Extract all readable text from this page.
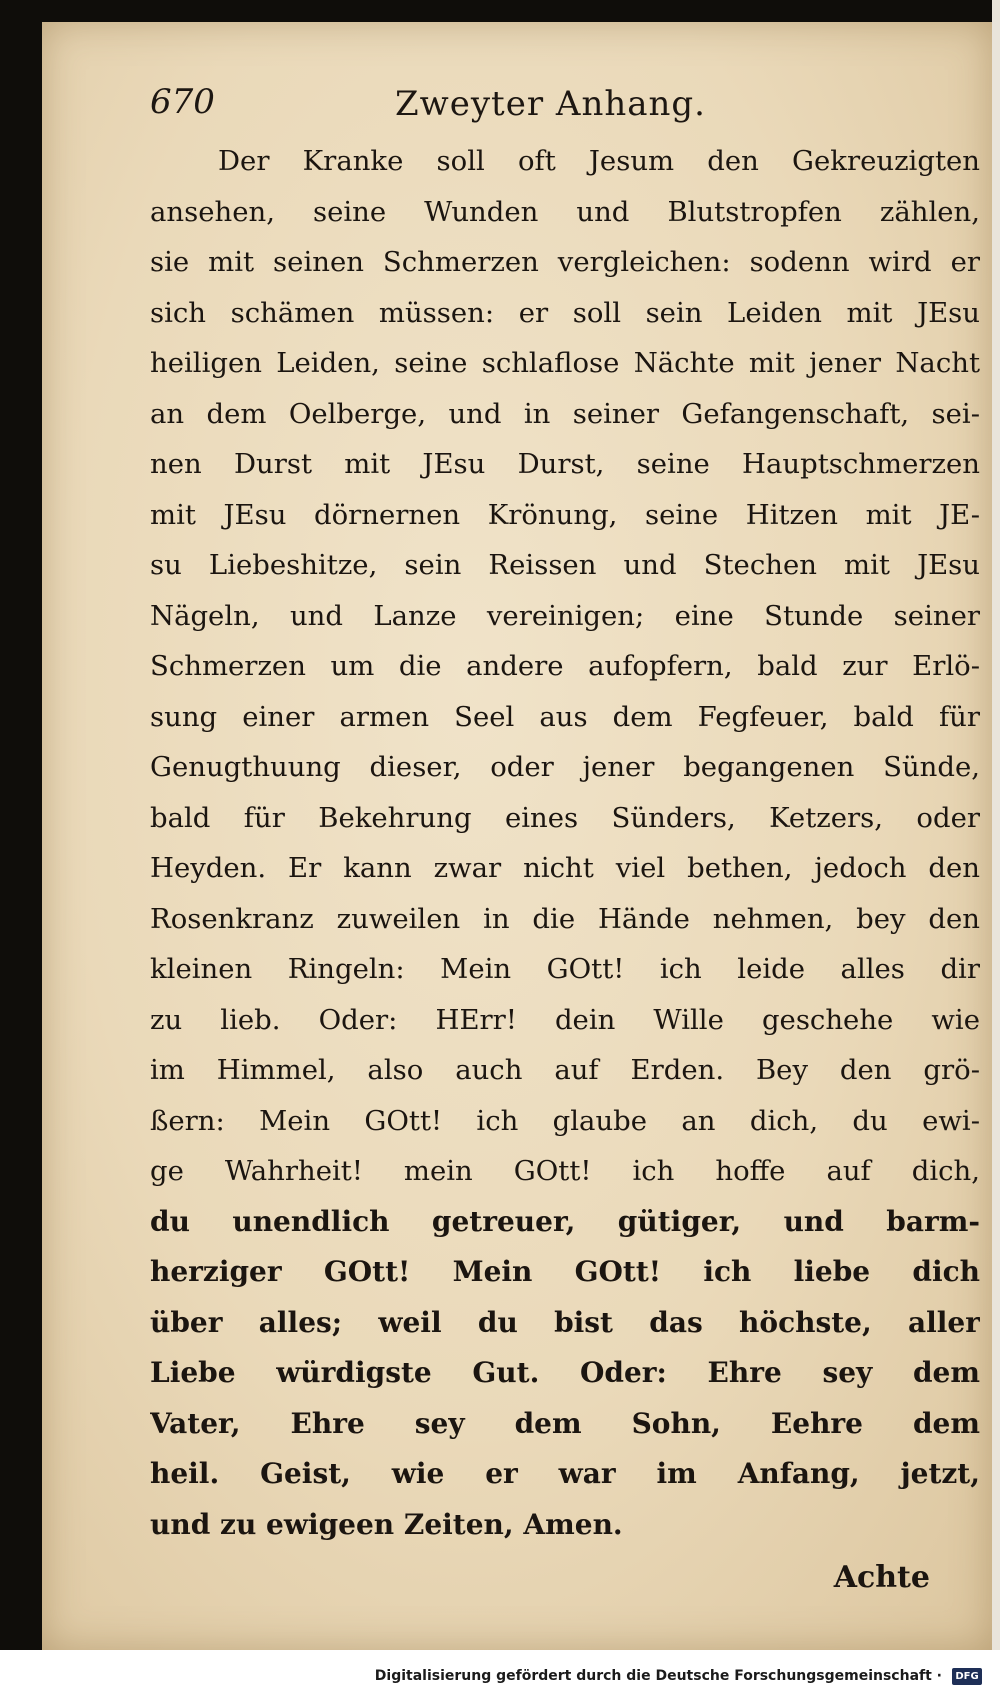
670	Zweyter Anhang.
Der Kranke soll oft Jesum den Gekreuzigten
ansehen, seine Wunden und Blutstropfen zählen,
sie mit seinen Schmerzen vergleichen: sodenn wird er
sich schämen müssen: er soll sein Leiden mit JEsu
heiligen Leiden, seine schlaflose Nächte mit jener Nacht
an dem Oelberge, und in seiner Gefangenschaft, sei-
nen Durst mit JEsu Durst, seine Hauptschmerzen
mit JEsu dörnernen Krönung, seine Hitzen mit JE-
su Liebeshitze, sein Reissen und Stechen mit JEsu
Nägeln, und Lanze vereinigen; eine Stunde seiner
Schmerzen um die andere aufopfern, bald zur Erlö-
sung einer armen Seel aus dem Fegfeuer, bald für
Genugthuung dieser, oder jener begangenen Sünde,
bald für Bekehrung eines Sünders, Ketzers, oder
Heyden. Er kann zwar nicht viel bethen, jedoch den
Rosenkranz zuweilen in die Hände nehmen, bey den
kleinen Ringeln: Mein GOtt! ich leide alles dir
zu lieb. Oder: HErr! dein Wille geschehe wie
im Himmel, also auch auf Erden. Bey den grö-
ßern: Mein GOtt! ich glaube an dich, du ewi-
ge Wahrheit! mein GOtt! ich hoffe auf dich,
du unendlich getreuer, gütiger, und barm-
herziger GOtt! Mein GOtt! ich liebe dich
über alles; weil du bist das höchste, aller
Liebe würdigste Gut. Oder: Ehre sey dem
Vater, Ehre sey dem Sohn, Eehre dem
heil. Geist, wie er war im Anfang, jetzt,
und zu ewigeen Zeiten, Amen.
Achte
Digitalisierung gefördert durch die Deutsche Forschungsgemeinschaft ·	DFG
